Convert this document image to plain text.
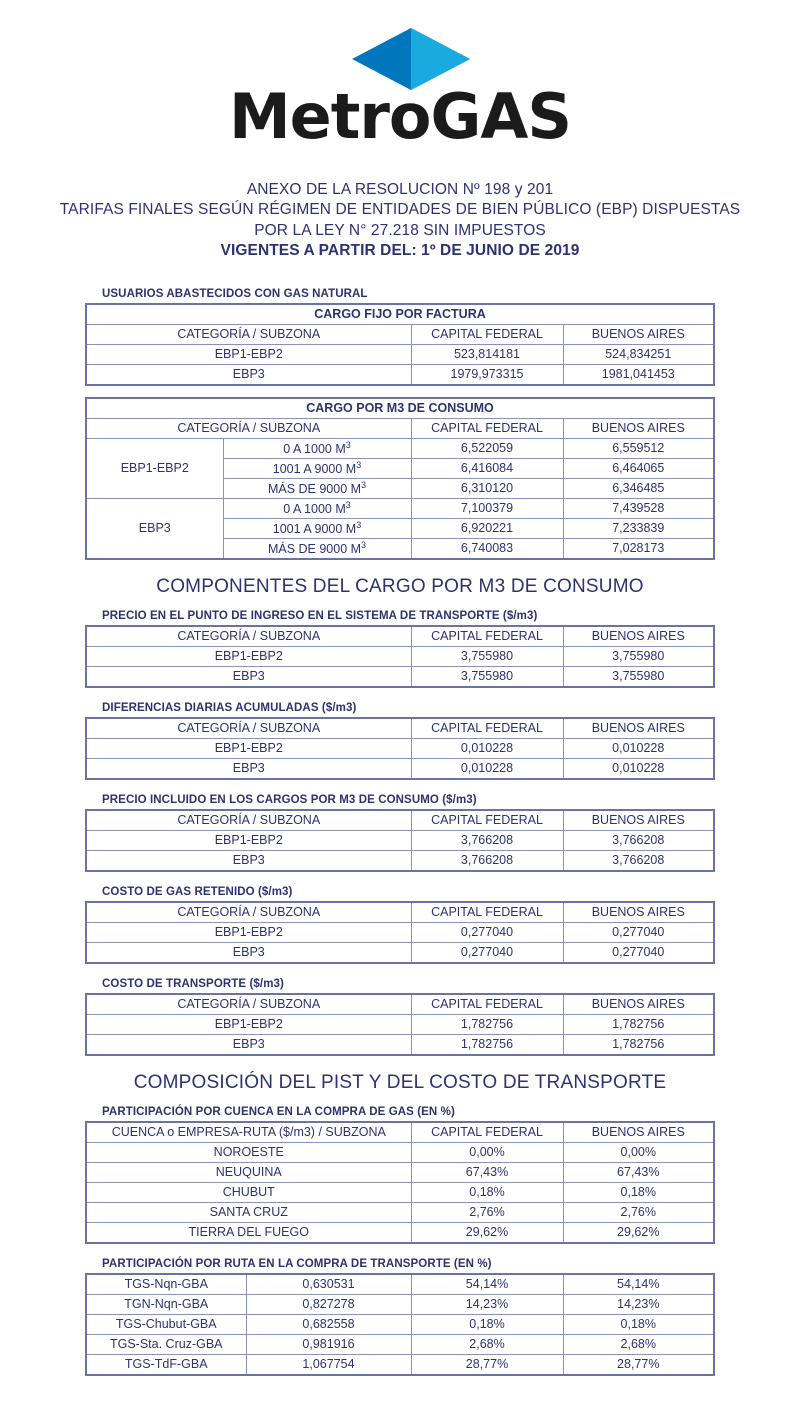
MetroGAS
ANEXO DE LA RESOLUCION Nº 198 y 201
TARIFAS FINALES SEGÚN RÉGIMEN DE ENTIDADES DE BIEN PÚBLICO (EBP) DISPUESTAS
POR LA LEY N° 27.218 SIN IMPUESTOS
VIGENTES A PARTIR DEL: 1º DE JUNIO DE 2019
USUARIOS ABASTECIDOS CON GAS NATURAL
CARGO FIJO POR FACTURA		
CATEGORÍA / SUBZONA	CAPITAL FEDERAL	BUENOS AIRES
EBP1-EBP2	523,814181	524,834251
EBP3	1979,973315	1981,041453
CARGO POR M3 DE CONSUMO			
CATEGORÍA / SUBZONA		CAPITAL FEDERAL	BUENOS AIRES
EBP1-EBP2	0 A 1000 $M^3$	6,522059	6,559512
	1001 A 9000 $M^3$	6,416084	6,464065
	MÁS DE 9000 $M^3$	6,310120	6,346485
EBP3	0 A 1000 $M^3$	7,100379	7,439528
	1001 A 9000 $M^3$	6,920221	7,233839
	MÁS DE 9000 $M^3$	6,740083	7,028173
COMPONENTES DEL CARGO POR M3 DE CONSUMO
PRECIO EN EL PUNTO DE INGRESO EN EL SISTEMA DE TRANSPORTE ($/m3)
CATEGORÍA / SUBZONA	CAPITAL FEDERAL	BUENOS AIRES
EBP1-EBP2	3,755980	3,755980
EBP3	3,755980	3,755980
DIFERENCIAS DIARIAS ACUMULADAS ($/m3)
CATEGORÍA / SUBZONA	CAPITAL FEDERAL	BUENOS AIRES
EBP1-EBP2	0,010228	0,010228
EBP3	0,010228	0,010228
PRECIO INCLUIDO EN LOS CARGOS POR M3 DE CONSUMO ($/m3)
CATEGORÍA / SUBZONA	CAPITAL FEDERAL	BUENOS AIRES
EBP1-EBP2	3,766208	3,766208
EBP3	3,766208	3,766208
COSTO DE GAS RETENIDO ($/m3)
CATEGORÍA / SUBZONA	CAPITAL FEDERAL	BUENOS AIRES
EBP1-EBP2	0,277040	0,277040
EBP3	0,277040	0,277040
COSTO DE TRANSPORTE ($/m3)
CATEGORÍA / SUBZONA	CAPITAL FEDERAL	BUENOS AIRES
EBP1-EBP2	1,782756	1,782756
EBP3	1,782756	1,782756
COMPOSICIÓN DEL PIST Y DEL COSTO DE TRANSPORTE
PARTICIPACIÓN POR CUENCA EN LA COMPRA DE GAS (EN %)
CUENCA o EMPRESA-RUTA ($/m3) / SUBZONA	CAPITAL FEDERAL	BUENOS AIRES
NOROESTE	0,00%	0,00%
NEUQUINA	67,43%	67,43%
CHUBUT	0,18%	0,18%
SANTA CRUZ	2,76%	2,76%
TIERRA DEL FUEGO	29,62%	29,62%
PARTICIPACIÓN POR RUTA EN LA COMPRA DE TRANSPORTE (EN %)
TGS-Nqn-GBA	0,630531	54,14%	54,14%
TGN-Nqn-GBA	0,827278	14,23%	14,23%
TGS-Chubut-GBA	0,682558	0,18%	0,18%
TGS-Sta. Cruz-GBA	0,981916	2,68%	2,68%
TGS-TdF-GBA	1,067754	28,77%	28,77%
